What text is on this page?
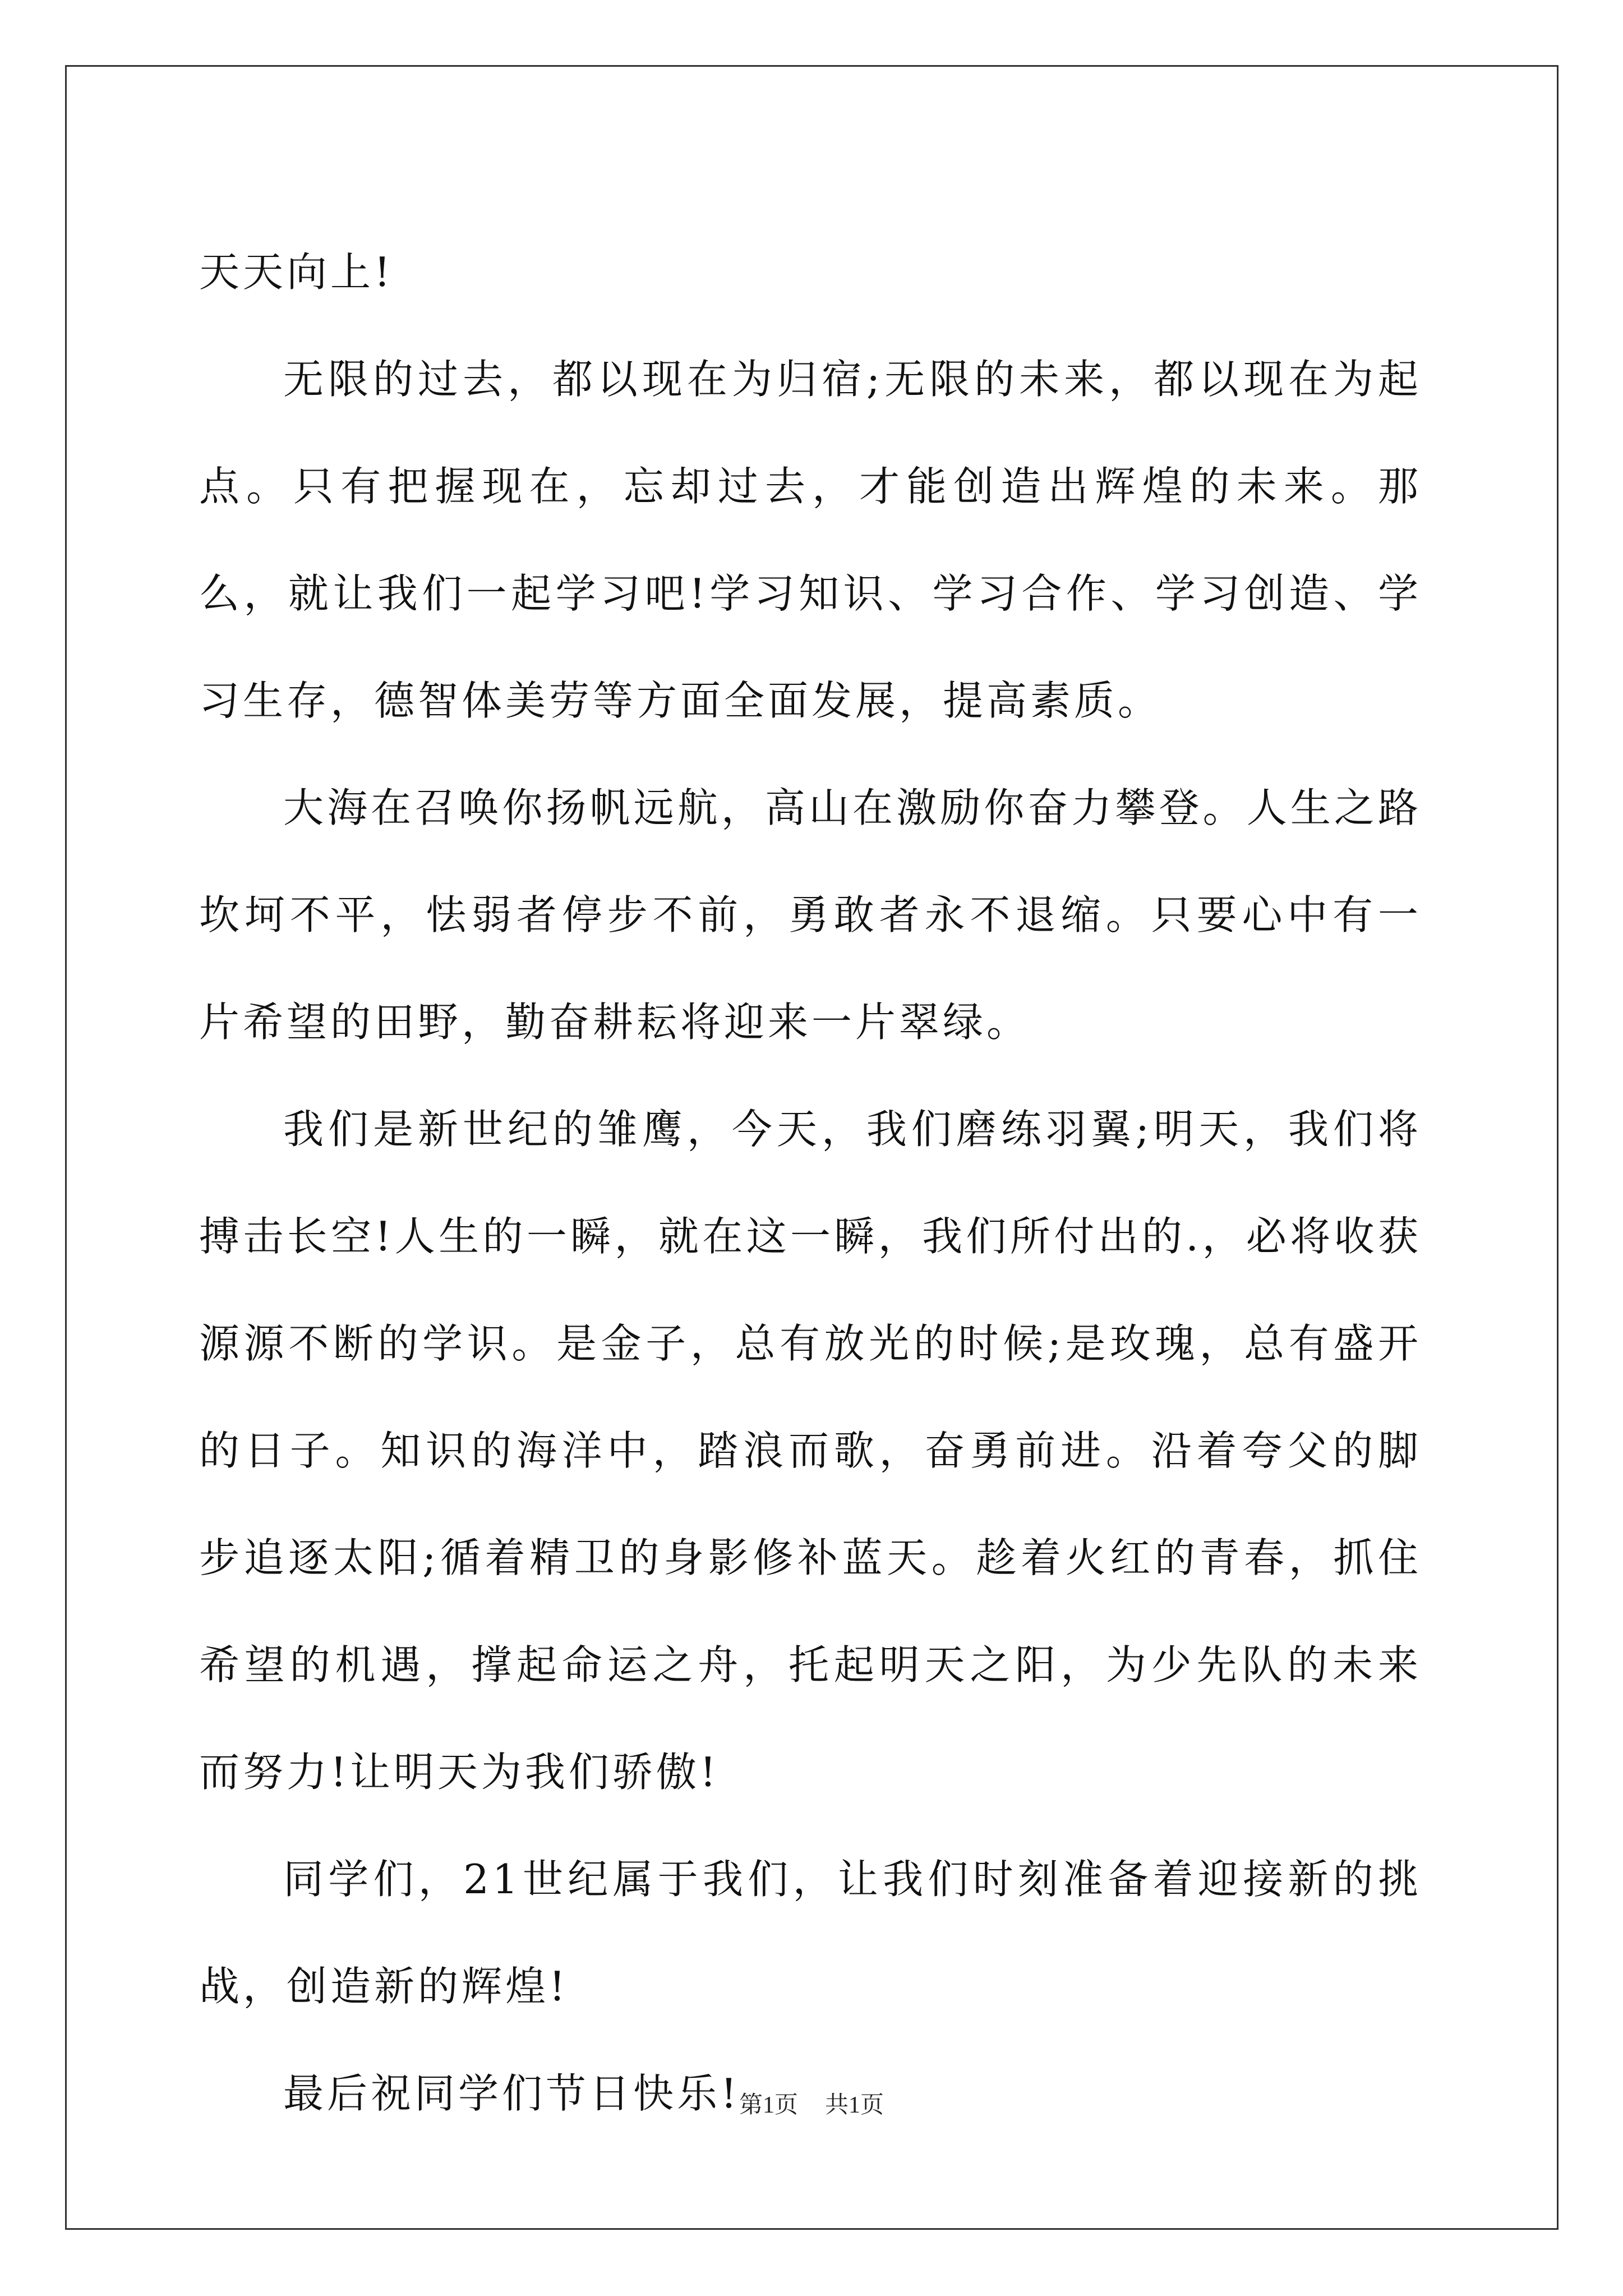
天天向上!

无限的过去，都以现在为归宿;无限的未来，都以现在为起点。只有把握现在，忘却过去，才能创造出辉煌的未来。那么，就让我们一起学习吧!学习知识、学习合作、学习创造、学习生存，德智体美劳等方面全面发展，提高素质。

大海在召唤你扬帆远航，高山在激励你奋力攀登。人生之路坎坷不平，怯弱者停步不前，勇敢者永不退缩。只要心中有一片希望的田野，勤奋耕耘将迎来一片翠绿。

我们是新世纪的雏鹰，今天，我们磨练羽翼;明天，我们将搏击长空!人生的一瞬，就在这一瞬，我们所付出的.，必将收获源源不断的学识。是金子，总有放光的时候;是玫瑰，总有盛开的日子。知识的海洋中，踏浪而歌，奋勇前进。沿着夸父的脚步追逐太阳;循着精卫的身影修补蓝天。趁着火红的青春，抓住希望的机遇，撑起命运之舟，托起明天之阳，为少先队的未来而努力!让明天为我们骄傲!

同学们，21世纪属于我们，让我们时刻准备着迎接新的挑战，创造新的辉煌!

最后祝同学们节日快乐!

第1页 共1页
